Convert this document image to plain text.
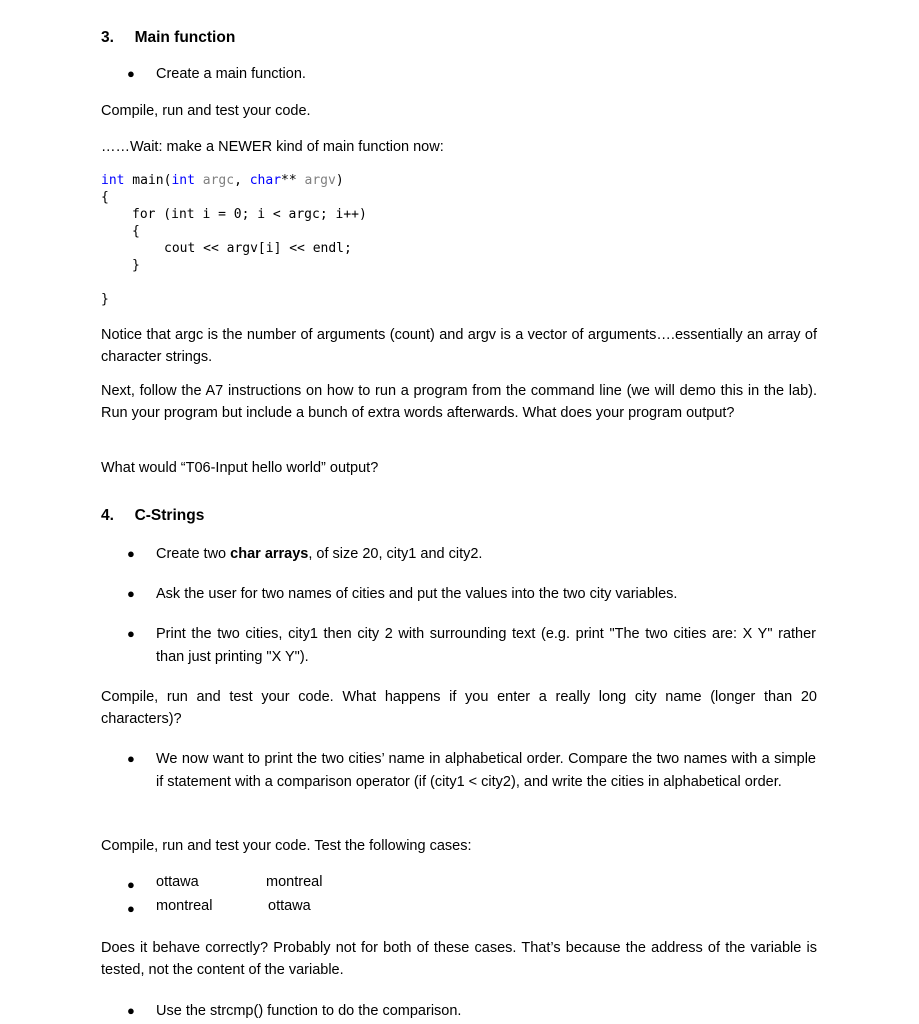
3. Main function
● Create a main function.
Compile, run and test your code.
……Wait: make a NEWER kind of main function now:
int main(int argc, char** argv)
{
for (int i = 0; i < argc; i++)
{
cout << argv[i] << endl;
}
}
Notice that argc is the number of arguments (count) and argv is a vector of arguments….essentially an array of character strings.
Next, follow the A7 instructions on how to run a program from the command line (we will demo this in the lab). Run your program but include a bunch of extra words afterwards. What does your program output?
What would “T06-Input hello world” output?
4. C-Strings
● Create two char arrays, of size 20, city1 and city2.
● Ask the user for two names of cities and put the values into the two city variables.
● Print the two cities, city1 then city 2 with surrounding text (e.g. print "The two cities are: X Y" rather than just printing "X Y").
Compile, run and test your code. What happens if you enter a really long city name (longer than 20 characters)?
● We now want to print the two cities’ name in alphabetical order. Compare the two names with a simple if statement with a comparison operator (if (city1 < city2), and write the cities in alphabetical order.
Compile, run and test your code. Test the following cases:
● ottawa	montreal
● montreal	ottawa
Does it behave correctly? Probably not for both of these cases. That’s because the address of the variable is tested, not the content of the variable.
● Use the strcmp() function to do the comparison.
